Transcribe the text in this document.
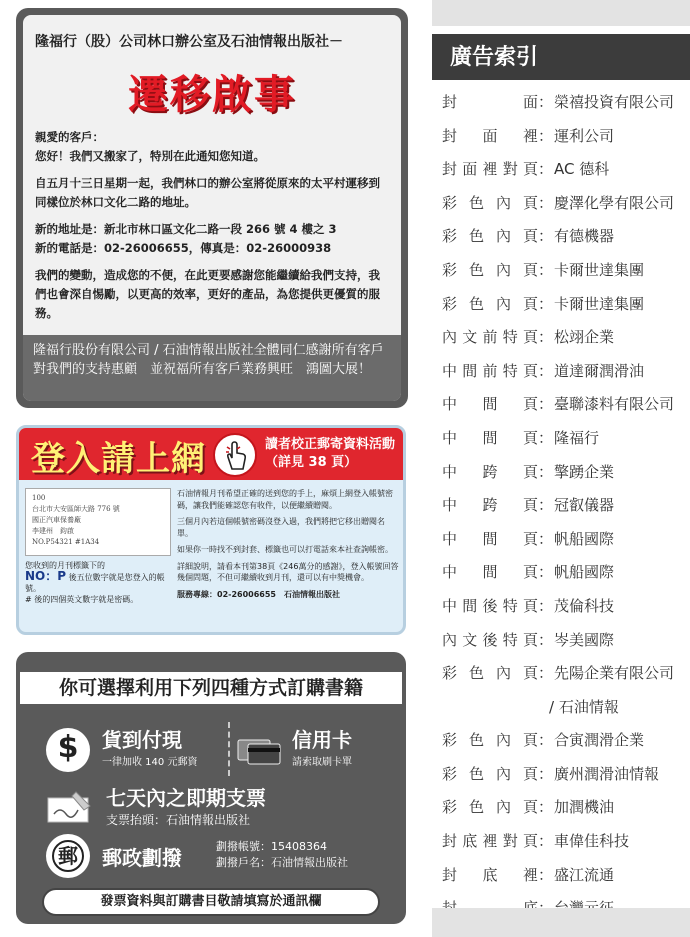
隆福行（股）公司林口辦公室及石油情報出版社－
遷移啟事

親愛的客戶：
您好！我們又搬家了，特別在此通知您知道。

自五月十三日星期一起，我們林口的辦公室將從原來的太平村運移到同樣位於林口文化二路的地址。

新的地址是：新北市林口區文化二路一段 266 號 4 樓之 3
新的電話是：02-26006655，傳真是：02-26000938

我們的變動，造成您的不便，在此更要感謝您能繼續給我們支持，我們也會深自惕勵，以更高的效率，更好的產品，為您提供更優質的服務。

隆福行股份有限公司 / 石油情報出版社全體同仁感謝所有客戶對我們的支持惠顧　並祝福所有客戶業務興旺　鴻圖大展！
登入請上網	讀者校正郵寄資料活動
（詳見 38 頁）
100
台北市大安區師大路 776 號
國正汽車保養廠
李建州　鈞啟
NO.P54321 #1A34
您收到的月刊標籤下的
NO：P 後五位數字就是您登入的帳號。
# 後的四個英文數字就是密碼。
石油情報月刊希望正確的送到您的手上，麻煩上網登入帳號密碼，讓我們能確認您有收件，以便繼續贈閱。
三個月內若這個帳號密碼沒登入過，我們將把它移出贈閱名單。
如果你一時找不到封套、標籤也可以打電話來本社查詢帳密。
詳細說明，請看本刊第38頁《246萬分的感謝》，登入帳號回答幾個問題，不但可繼續收到月刊，還可以有中獎機會。
服務專線：02-26006655　石油情報出版社
你可選擇利用下列四種方式訂購書籍
$	貨到付現
一律加收 140 元郵資
信用卡
請索取刷卡單
七天內之即期支票
支票抬頭：石油情報出版社
郵	郵政劃撥	劃撥帳號：15408364
劃撥戶名：石油情報出版社
發票資料與訂購書目敬請填寫於通訊欄
廣告索引
封面：榮禧投資有限公司
封面裡：運利公司
封面裡對頁：AC 德科
彩色內頁：慶澤化學有限公司
彩色內頁：有德機器
彩色內頁：卡爾世達集團
彩色內頁：卡爾世達集團
內文前特頁：松翊企業
中間前特頁：道達爾潤滑油
中間頁：臺聯漆料有限公司
中間頁：隆福行
中跨頁：擎踴企業
中跨頁：冠叡儀器
中間頁：帆船國際
中間頁：帆船國際
中間後特頁：茂倫科技
內文後特頁：岑美國際
彩色內頁：先陽企業有限公司
/ 石油情報
彩色內頁：合寅潤滑企業
彩色內頁：廣州潤滑油情報
彩色內頁：加潤機油
封底裡對頁：車偉佳科技
封底裡：盛江流通
